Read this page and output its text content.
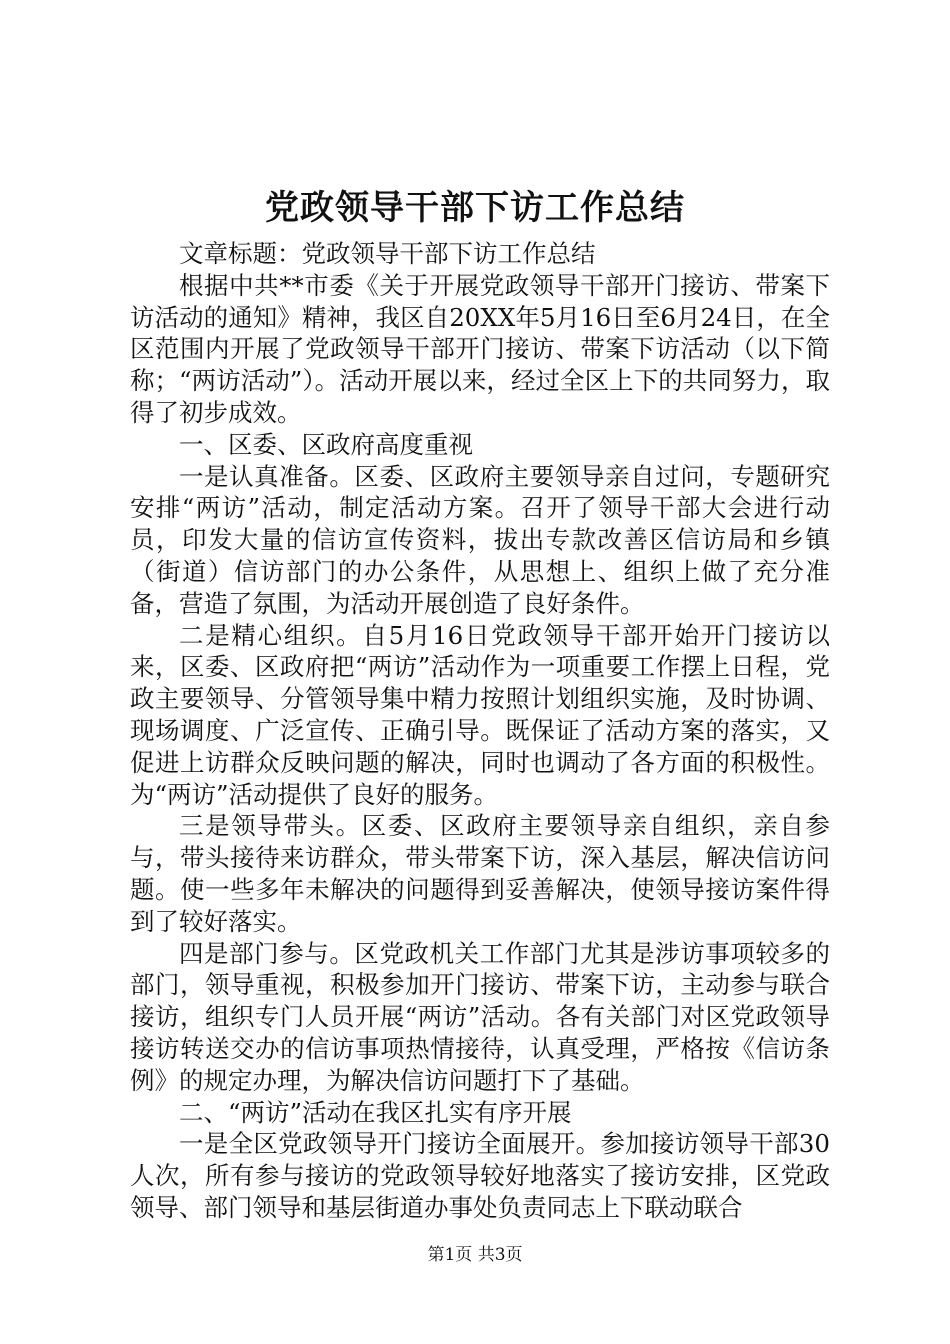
党政领导干部下访工作总结

文章标题：党政领导干部下访工作总结

根据中共**市委《关于开展党政领导干部开门接访、带案下访活动的通知》精神，我区自20XX年5月16日至6月24日，在全区范围内开展了党政领导干部开门接访、带案下访活动（以下简称；“两访活动”）。活动开展以来，经过全区上下的共同努力，取得了初步成效。

一、区委、区政府高度重视

一是认真准备。区委、区政府主要领导亲自过问，专题研究安排“两访”活动，制定活动方案。召开了领导干部大会进行动员，印发大量的信访宣传资料，拔出专款改善区信访局和乡镇（街道）信访部门的办公条件，从思想上、组织上做了充分准备，营造了氛围，为活动开展创造了良好条件。

二是精心组织。自5月16日党政领导干部开始开门接访以来，区委、区政府把“两访”活动作为一项重要工作摆上日程，党政主要领导、分管领导集中精力按照计划组织实施，及时协调、现场调度、广泛宣传、正确引导。既保证了活动方案的落实，又促进上访群众反映问题的解决，同时也调动了各方面的积极性。为“两访”活动提供了良好的服务。

三是领导带头。区委、区政府主要领导亲自组织，亲自参与，带头接待来访群众，带头带案下访，深入基层，解决信访问题。使一些多年未解决的问题得到妥善解决，使领导接访案件得到了较好落实。

四是部门参与。区党政机关工作部门尤其是涉访事项较多的部门，领导重视，积极参加开门接访、带案下访，主动参与联合接访，组织专门人员开展“两访”活动。各有关部门对区党政领导接访转送交办的信访事项热情接待，认真受理，严格按《信访条例》的规定办理，为解决信访问题打下了基础。

二、“两访”活动在我区扎实有序开展

一是全区党政领导开门接访全面展开。参加接访领导干部30人次，所有参与接访的党政领导较好地落实了接访安排，区党政领导、部门领导和基层街道办事处负责同志上下联动联合

第1页 共3页
